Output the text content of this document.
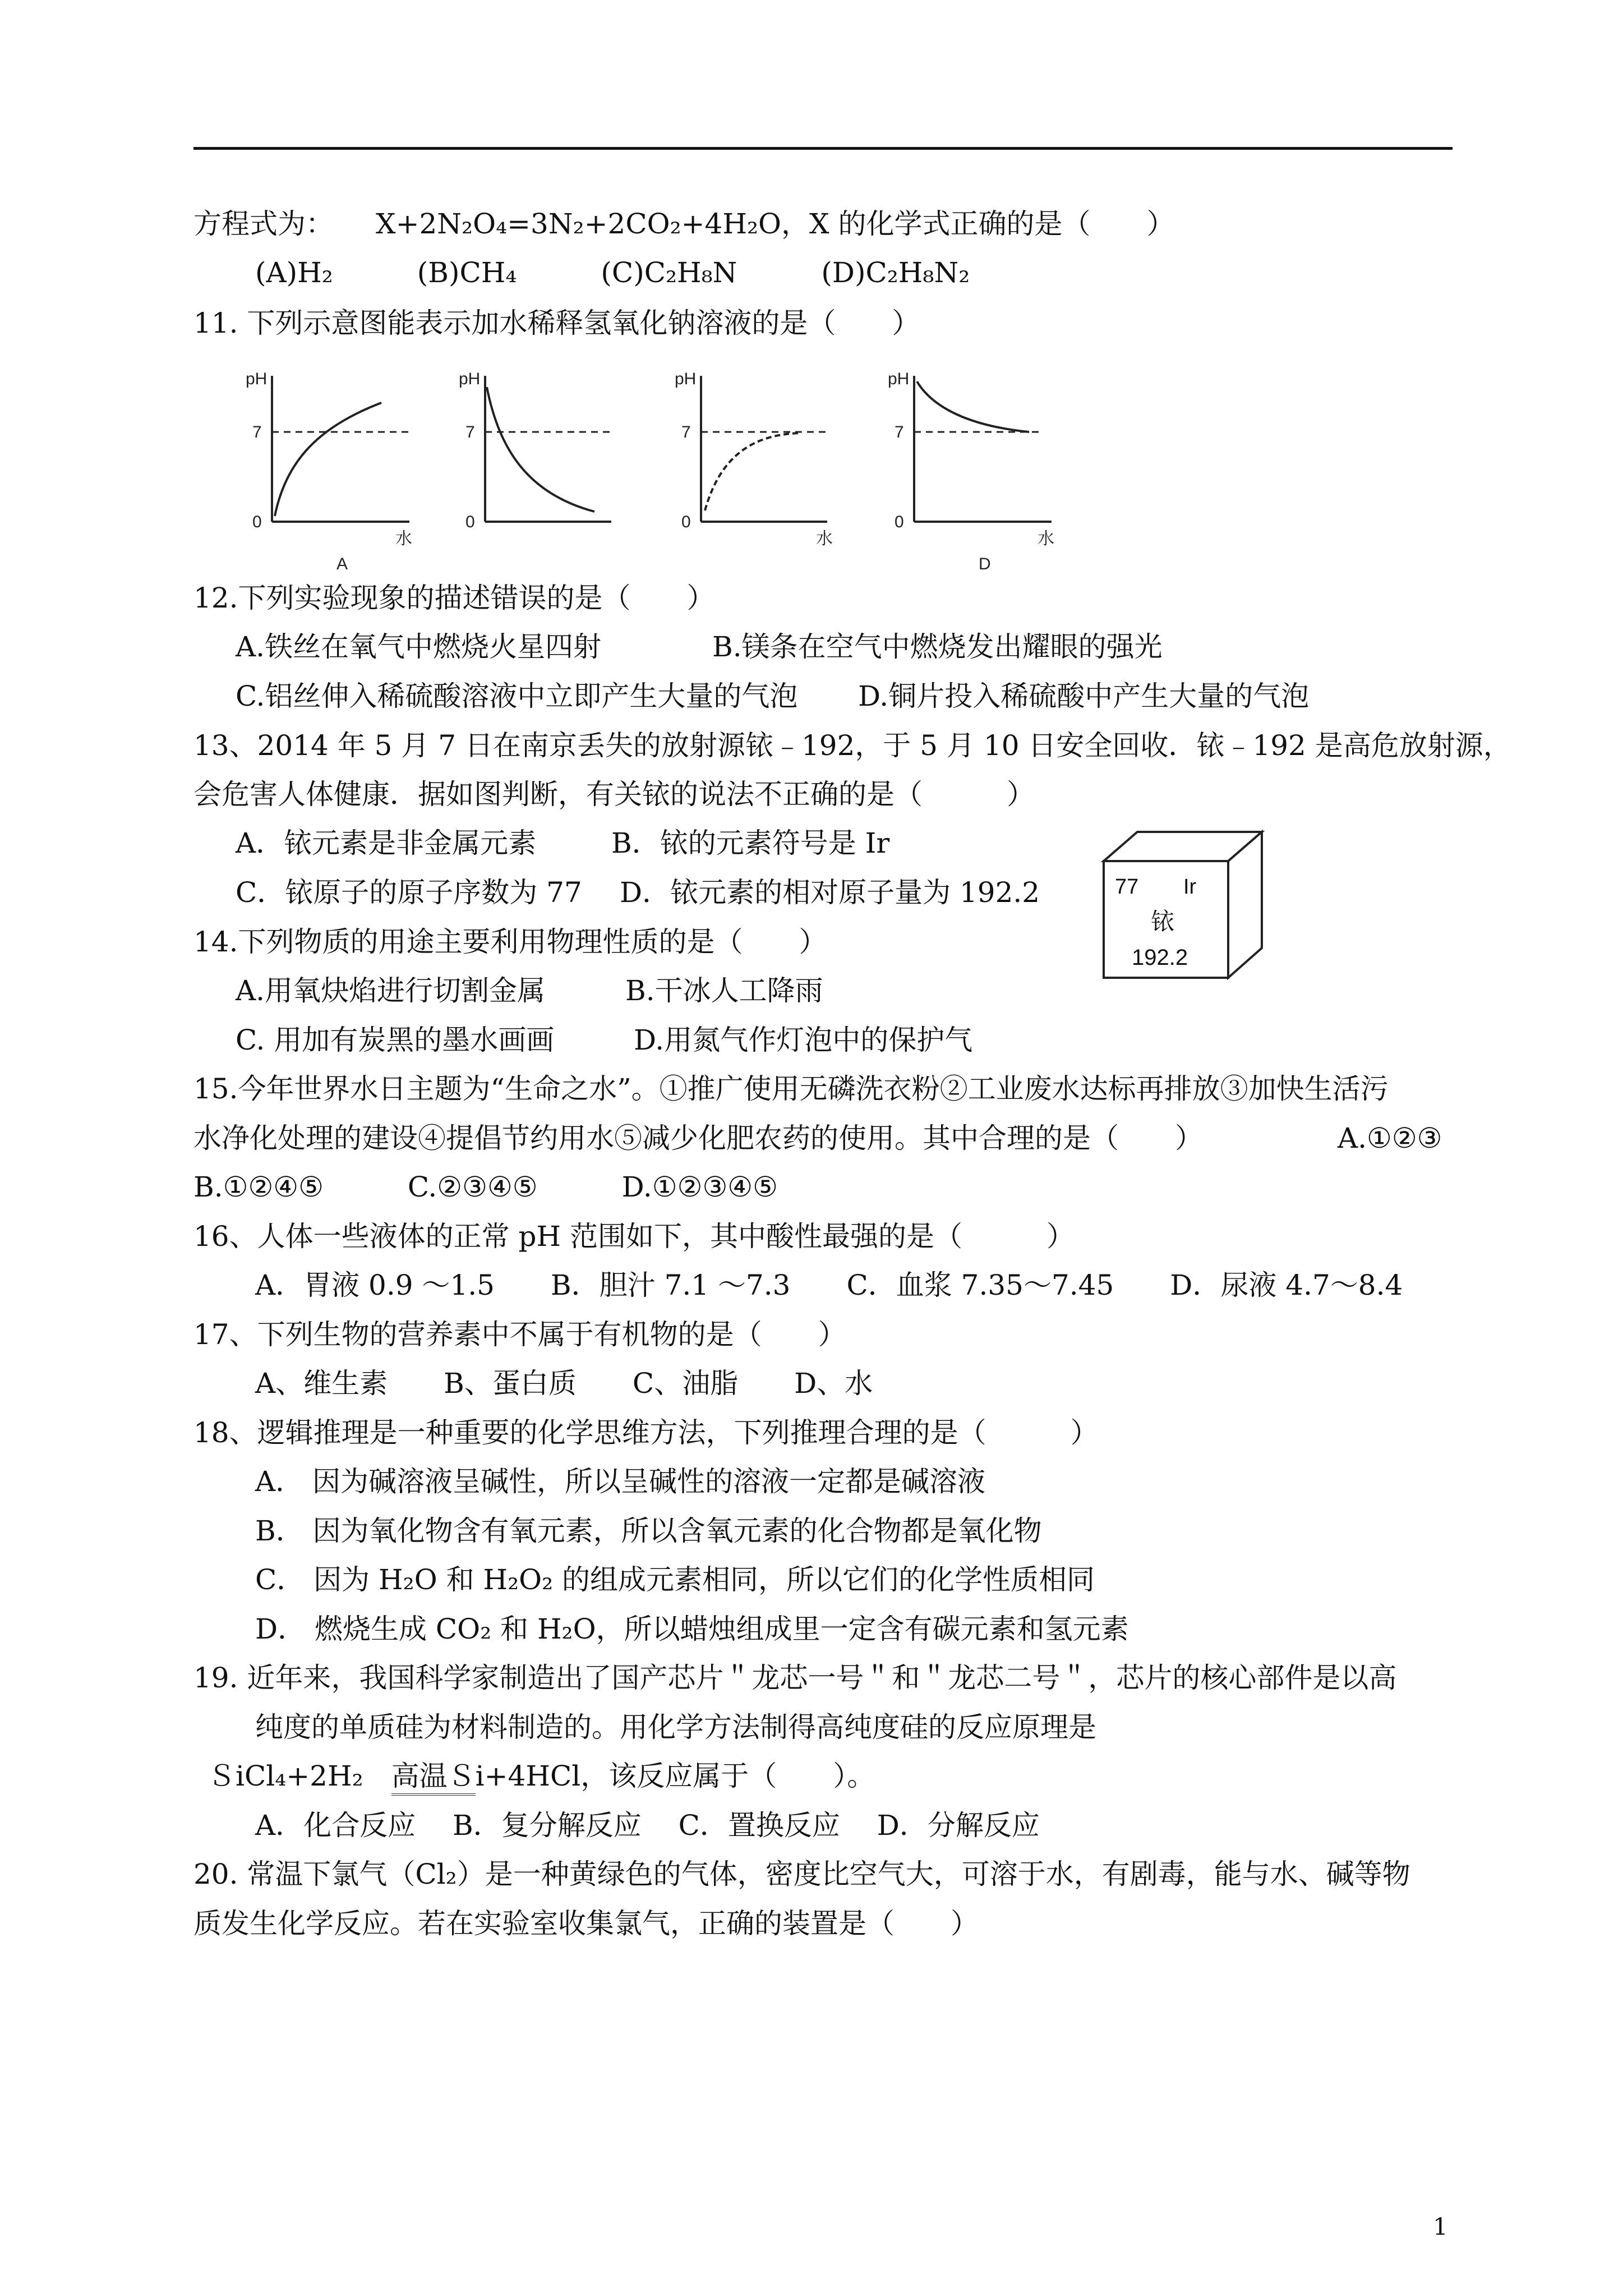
方程式为：　　X+2N₂O₄=3N₂+2CO₂+4H₂O，X 的化学式正确的是（　　）
(A)H₂　　　(B)CH₄　　　(C)C₂H₈N　　　(D)C₂H₈N₂
11. 下列示意图能表示加水稀释氢氧化钠溶液的是（　　）
pH
7
0
水
A
pH
7
0
pH
7
0
水
pH
7
0
水
D
12.下列实验现象的描述错误的是（　　）
A.铁丝在氧气中燃烧火星四射	B.镁条在空气中燃烧发出耀眼的强光
C.铝丝伸入稀硫酸溶液中立即产生大量的气泡 D.铜片投入稀硫酸中产生大量的气泡
13、2014 年 5 月 7 日在南京丢失的放射源铱﹣192，于 5 月 10 日安全回收．铱﹣192 是高危放射源，
会危害人体健康．据如图判断，有关铱的说法不正确的是（　　　）
A．铱元素是非金属元素	B．铱的元素符号是 Ir
C．铱原子的原子序数为 77 D．铱元素的相对原子量为 192.2	77 Ir
铱
192.2
14.下列物质的用途主要利用物理性质的是（　　）
A.用氧炔焰进行切割金属	B.干冰人工降雨
C. 用加有炭黑的墨水画画	D.用氮气作灯泡中的保护气
15.今年世界水日主题为“生命之水”。①推广使用无磷洗衣粉②工业废水达标再排放③加快生活污
水净化处理的建设④提倡节约用水⑤减少化肥农药的使用。其中合理的是（　　）	A.①②③
B.①②④⑤　　　C.②③④⑤　　　D.①②③④⑤
16、人体一些液体的正常 pH 范围如下，其中酸性最强的是（　　　）
A．胃液 0.9 ～1.5　　B．胆汁 7.1 ～7.3　　C．血浆 7.35～7.45　　D．尿液 4.7～8.4
17、下列生物的营养素中不属于有机物的是（　　）
A、维生素　　B、蛋白质　　C、油脂　　D、水
18、逻辑推理是一种重要的化学思维方法，下列推理合理的是（　　　）
A． 因为碱溶液呈碱性，所以呈碱性的溶液一定都是碱溶液
B． 因为氧化物含有氧元素，所以含氧元素的化合物都是氧化物
C． 因为 H₂O 和 H₂O₂ 的组成元素相同，所以它们的化学性质相同
D． 燃烧生成 CO₂ 和 H₂O，所以蜡烛组成里一定含有碳元素和氢元素
19. 近年来，我国科学家制造出了国产芯片＂龙芯一号＂和＂龙芯二号＂，芯片的核心部件是以高
纯度的单质硅为材料制造的。用化学方法制得高纯度硅的反应原理是
ＳiCl₄+2H₂　 高温Ｓi+4HCl，该反应属于（　　）。
A．化合反应　 B．复分解反应　 C．置换反应　 D．分解反应
20. 常温下氯气（Cl₂）是一种黄绿色的气体，密度比空气大，可溶于水，有剧毒，能与水、碱等物
质发生化学反应。若在实验室收集氯气，正确的装置是（　　）
1
